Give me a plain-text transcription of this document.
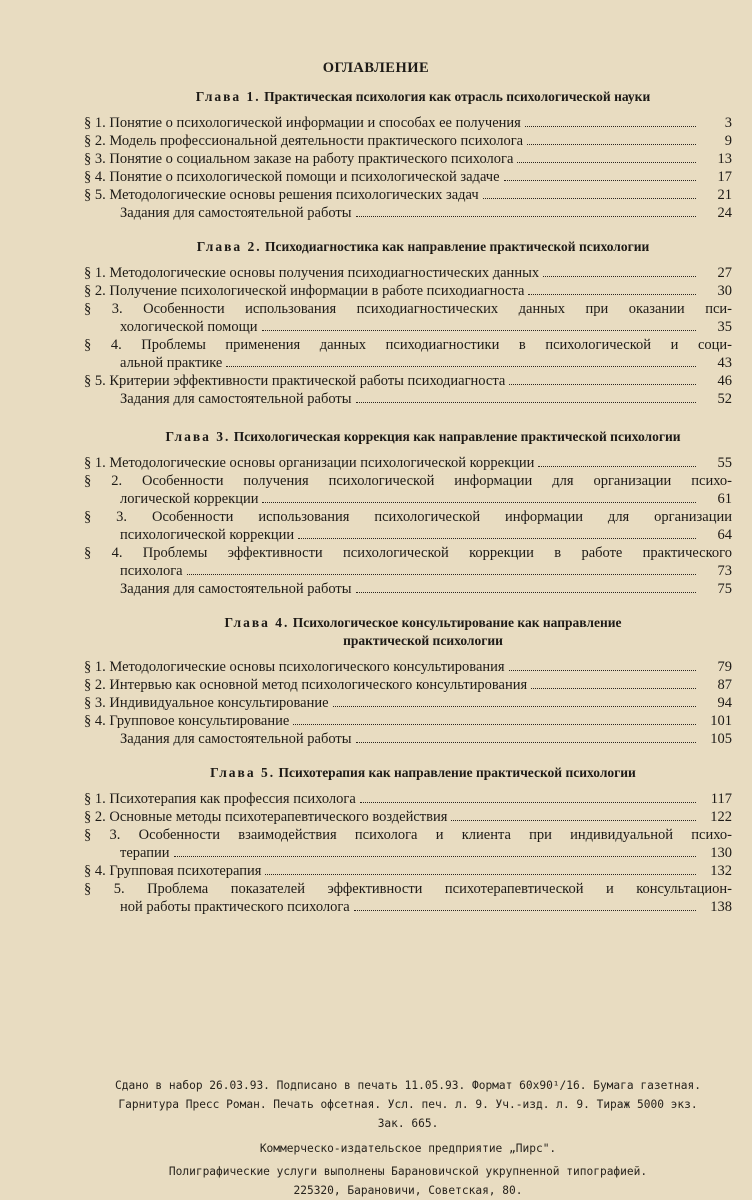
ОГЛАВЛЕНИЕ
Глава 1. Практическая психология как отрасль психологической науки
§ 1. Понятие о психологической информации и способах ее получения	3
§ 2. Модель профессиональной деятельности практического психолога	9
§ 3. Понятие о социальном заказе на работу практического психолога	13
§ 4. Понятие о психологической помощи и психологической задаче	17
§ 5. Методологические основы решения психологических задач	21
Задания для самостоятельной работы	24
Глава 2. Психодиагностика как направление практической психологии
§ 1. Методологические основы получения психодиагностических данных	27
§ 2. Получение психологической информации в работе психодиагноста	30
§ 3. Особенности использования психодиагностических данных при оказании пси-
хологической помощи	35
§ 4. Проблемы применения данных психодиагностики в психологической и соци-
альной практике	43
§ 5. Критерии эффективности практической работы психодиагноста	46
Задания для самостоятельной работы	52
Глава 3. Психологическая коррекция как направление практической психологии
§ 1. Методологические основы организации психологической коррекции	55
§ 2. Особенности получения психологической информации для организации психо-
логической коррекции	61
§ 3. Особенности использования психологической информации для организации
психологической коррекции	64
§ 4. Проблемы эффективности психологической коррекции в работе практического
психолога	73
Задания для самостоятельной работы	75
Глава 4. Психологическое консультирование как направление
практической психологии
§ 1. Методологические основы психологического консультирования	79
§ 2. Интервью как основной метод психологического консультирования	87
§ 3. Индивидуальное консультирование	94
§ 4. Групповое консультирование	101
Задания для самостоятельной работы	105
Глава 5. Психотерапия как направление практической психологии
§ 1. Психотерапия как профессия психолога	117
§ 2. Основные методы психотерапевтического воздействия	122
§ 3. Особенности взаимодействия психолога и клиента при индивидуальной психо-
терапии	130
§ 4. Групповая психотерапия	132
§ 5. Проблема показателей эффективности психотерапевтической и консультацион-
ной работы практического психолога	138
Сдано в набор 26.03.93. Подписано в печать 11.05.93. Формат 60х90¹/16. Бумага газетная.
Гарнитура Пресс Роман. Печать офсетная. Усл. печ. л. 9. Уч.-изд. л. 9. Тираж 5000 экз.
Зак. 665.
Коммерческо-издательское предприятие „Пирс".
Полиграфические услуги выполнены Барановичской укрупненной типографией.
225320, Барановичи, Советская, 80.
